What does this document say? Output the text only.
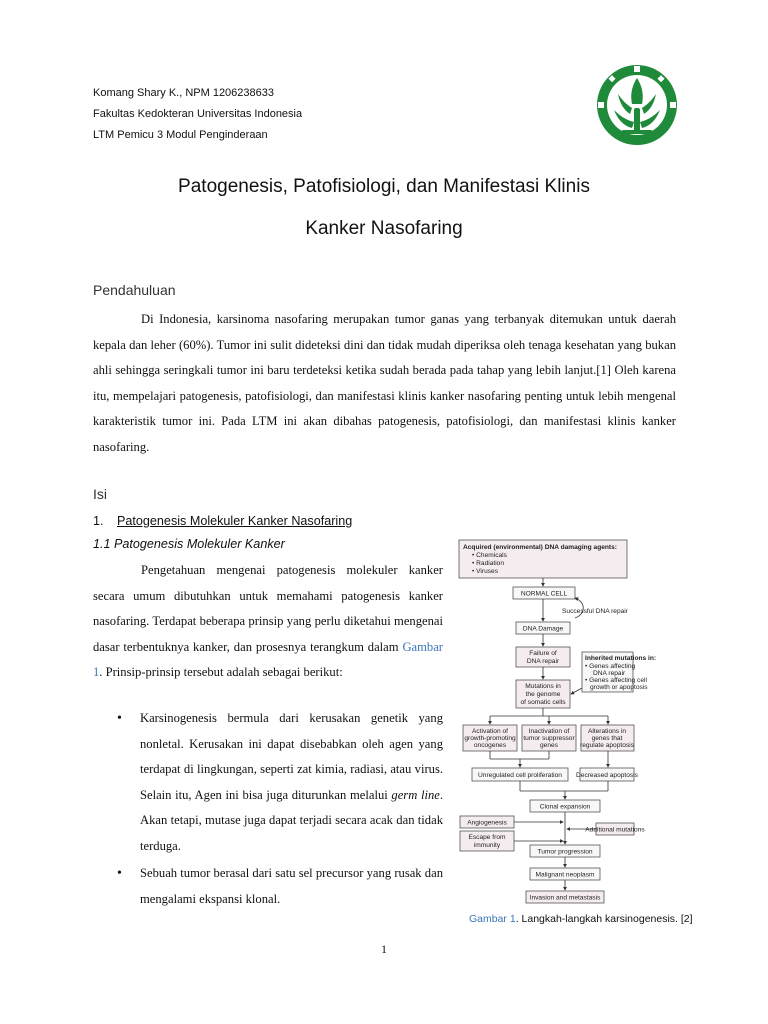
Komang Shary K., NPM 1206238633
Fakultas Kedokteran Universitas Indonesia
LTM Pemicu 3 Modul Penginderaan
Patogenesis, Patofisiologi, dan Manifestasi Klinis
Kanker Nasofaring
Pendahuluan
Di Indonesia, karsinoma nasofaring merupakan tumor ganas yang terbanyak ditemukan untuk daerah kepala dan leher (60%). Tumor ini sulit dideteksi dini dan tidak mudah diperiksa oleh tenaga kesehatan yang bukan ahli sehingga seringkali tumor ini baru terdeteksi ketika sudah berada pada tahap yang lebih lanjut.[1] Oleh karena itu, mempelajari patogenesis, patofisiologi, dan manifestasi klinis kanker nasofaring penting untuk lebih mengenal karakteristik tumor ini. Pada LTM ini akan dibahas patogenesis, patofisiologi, dan manifestasi klinis kanker nasofaring.
Isi
1. Patogenesis Molekuler Kanker Nasofaring
1.1 Patogenesis Molekuler Kanker
Pengetahuan mengenai patogenesis molekuler kanker secara umum dibutuhkan untuk memahami patogenesis kanker nasofaring. Terdapat beberapa prinsip yang perlu diketahui mengenai dasar terbentuknya kanker, dan prosesnya terangkum dalam Gambar 1. Prinsip-prinsip tersebut adalah sebagai berikut:
• Karsinogenesis bermula dari kerusakan genetik yang nonletal. Kerusakan ini dapat disebabkan oleh agen yang terdapat di lingkungan, seperti zat kimia, radiasi, atau virus. Selain itu, Agen ini bisa juga diturunkan melalui germ line. Akan tetapi, mutase juga dapat terjadi secara acak dan tidak terduga.
• Sebuah tumor berasal dari satu sel precursor yang rusak dan mengalami ekspansi klonal.
Acquired (environmental) DNA damaging agents:
• Chemicals
• Radiation
• Viruses
NORMAL CELL
Successful DNA repair
DNA Damage
Failure of
DNA repair	Inherited mutations in:
• Genes affecting
DNA repair
• Genes affecting cell
growth or apoptosis
Mutations in
the genome
of somatic cells
Activation of
growth-promoting
oncogenes
Inactivation of
tumor suppressor
genes
Alterations in
genes that
regulate apoptosis
Unregulated cell proliferation Decreased apoptosis
Clonal expansion
Angiogenesis
Additional mutations
Escape from
immunity
Tumor progression
Malignant neoplasm
Invasion and metastasis
Gambar 1. Langkah-langkah karsinogenesis. [2]
1
